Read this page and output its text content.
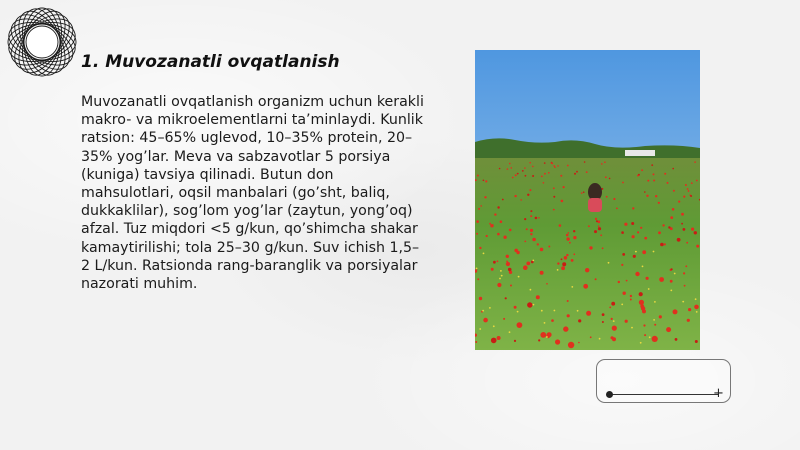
1. Muvozanatli ovqatlanish

Muvozanatli ovqatlanish organizm uchun kerakli makro- va mikroelementlarni ta’minlaydi. Kunlik ratsion: 45–65% uglevod, 10–35% protein, 20–35% yog’lar. Meva va sabzavotlar 5 porsiya (kuniga) tavsiya qilinadi. Butun don mahsulotlari, oqsil manbalari (go’sht, baliq, dukkaklilar), sog’lom yog’lar (zaytun, yong’oq) afzal. Tuz miqdori <5 g/kun, qo’shimcha shakar kamaytirilishi; tola 25–30 g/kun. Suv ichish 1,5–2 L/kun. Ratsionda rang-baranglik va porsiyalar nazorati muhim.

+
